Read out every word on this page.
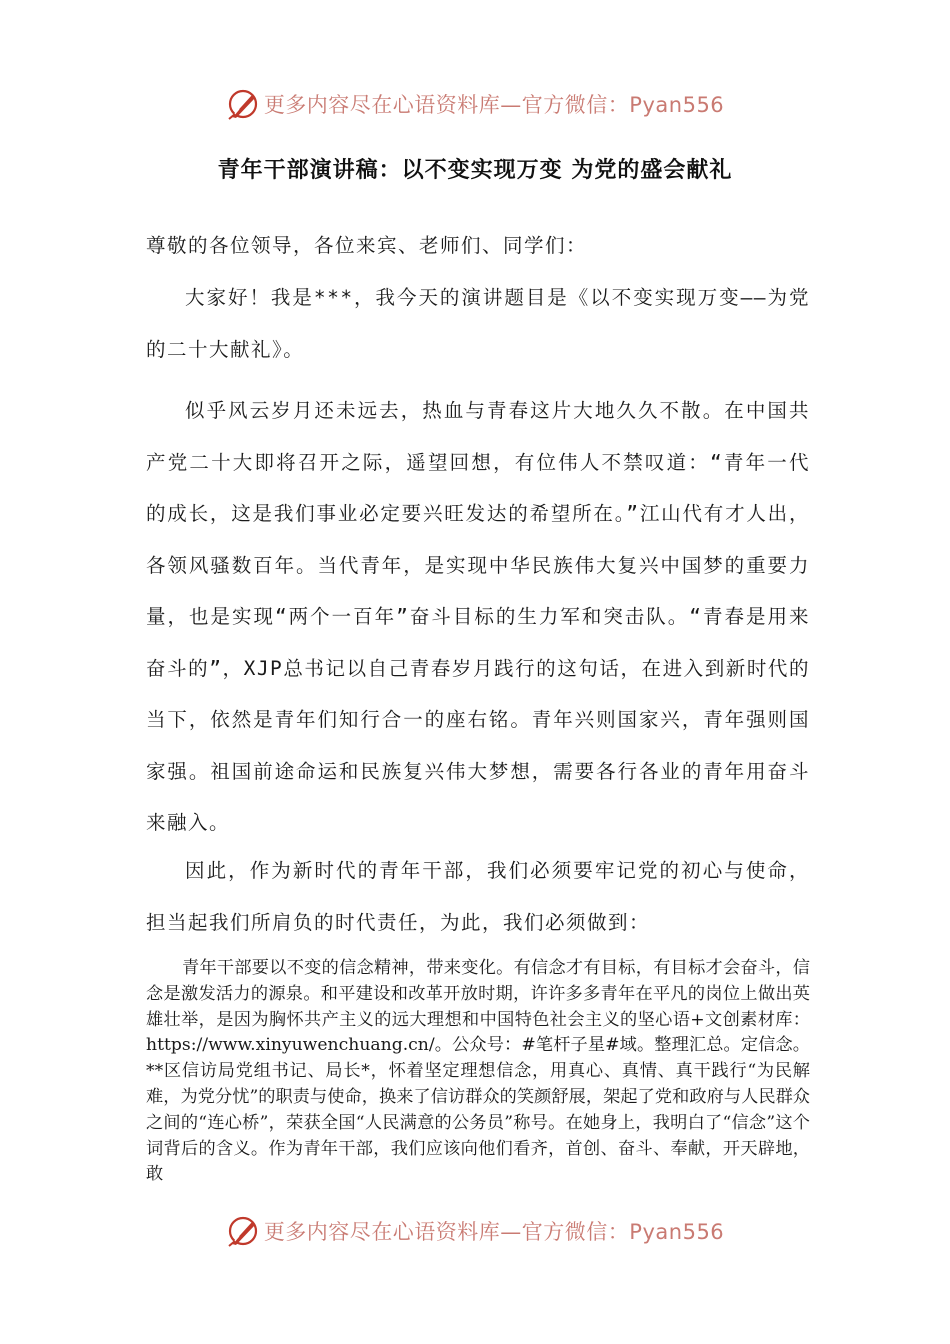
更多内容尽在心语资料库—官方微信：Pyan556
青年干部演讲稿：以不变实现万变 为党的盛会献礼

尊敬的各位领导，各位来宾、老师们、同学们：

大家好！我是***，我今天的演讲题目是《以不变实现万变——为党的二十大献礼》。

似乎风云岁月还未远去，热血与青春这片大地久久不散。在中国共产党二十大即将召开之际，遥望回想，有位伟人不禁叹道：“青年一代的成长，这是我们事业必定要兴旺发达的希望所在。”江山代有才人出，各领风骚数百年。当代青年，是实现中华民族伟大复兴中国梦的重要力量，也是实现“两个一百年”奋斗目标的生力军和突击队。“青春是用来奋斗的”，XJP总书记以自己青春岁月践行的这句话，在进入到新时代的当下，依然是青年们知行合一的座右铭。青年兴则国家兴，青年强则国家强。祖国前途命运和民族复兴伟大梦想，需要各行各业的青年用奋斗来融入。

因此，作为新时代的青年干部，我们必须要牢记党的初心与使命，担当起我们所肩负的时代责任，为此，我们必须做到：

青年干部要以不变的信念精神，带来变化。有信念才有目标，有目标才会奋斗，信念是激发活力的源泉。和平建设和改革开放时期，许许多多青年在平凡的岗位上做出英雄壮举，是因为胸怀共产主义的远大理想和中国特色社会主义的坚心语+文创素材库：https://www.xinyuwenchuang.cn/。公众号：#笔杆子星#域。整理汇总。定信念。**区信访局党组书记、局长*，怀着坚定理想信念，用真心、真情、真干践行“为民解难，为党分忧”的职责与使命，换来了信访群众的笑颜舒展，架起了党和政府与人民群众之间的“连心桥”，荣获全国“人民满意的公务员”称号。在她身上，我明白了“信念”这个词背后的含义。作为青年干部，我们应该向他们看齐，首创、奋斗、奉献，开天辟地，敢

更多内容尽在心语资料库—官方微信：Pyan556
